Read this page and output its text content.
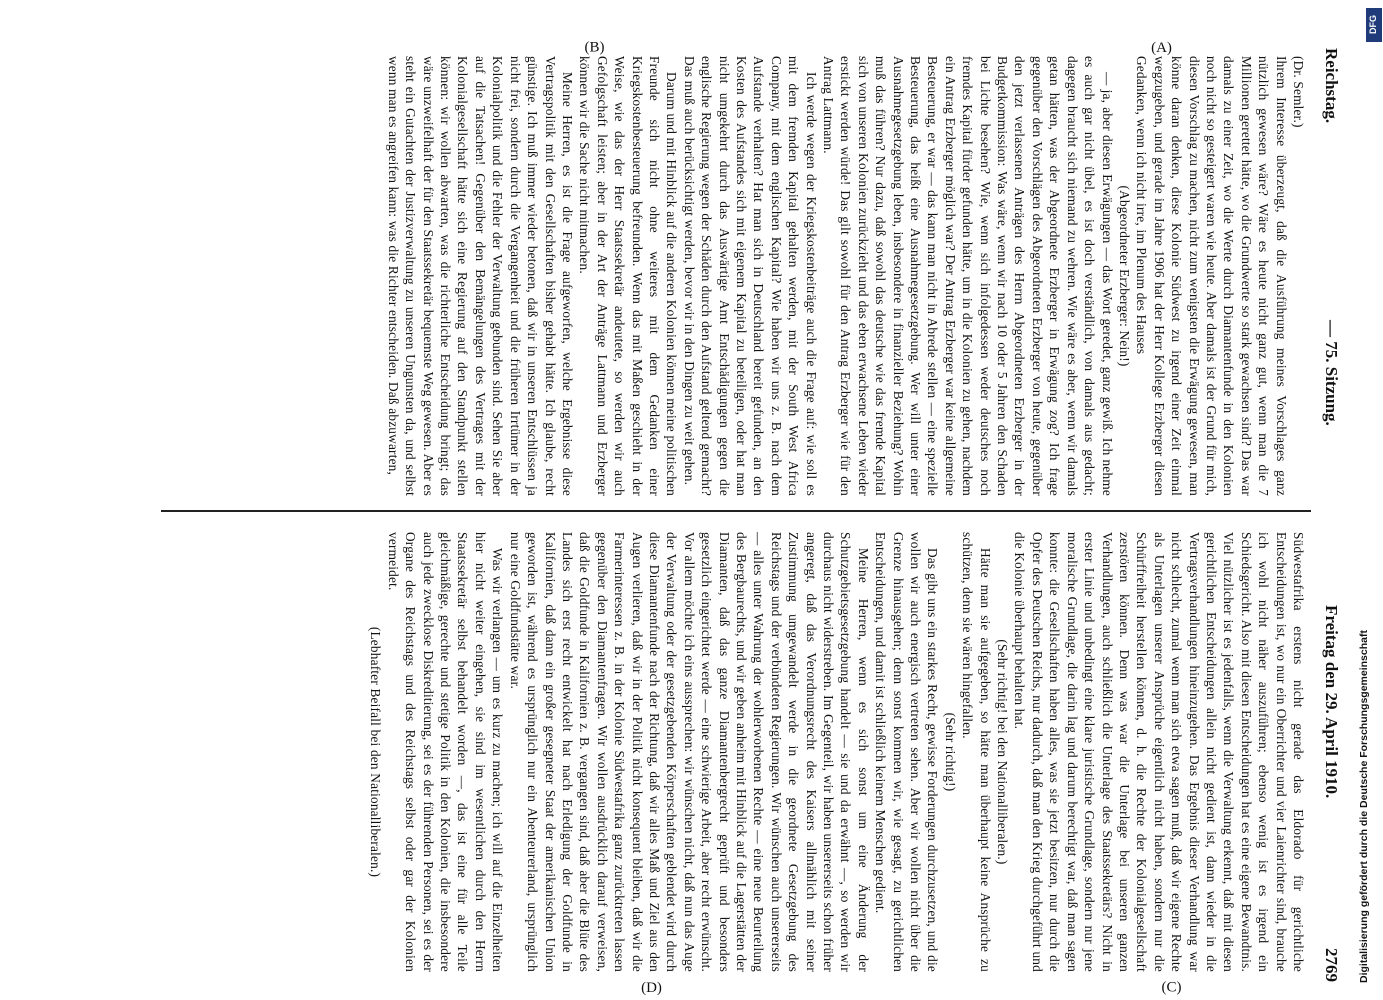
Reichstag.
— 75. Sitzung.
Freitag den 29. April 1910.
2769
(A)
(B)
(C)
(D)

(Dr. Semler.)

Ihrem Interesse überzeugt, daß die Ausführung meines Vorschlages ganz nützlich gewesen wäre? Wäre es heute nicht ganz gut, wenn man die 7 Millionen gerettet hätte, wo die Grundwerte so stark gewachsen sind? Das war damals zu einer Zeit, wo die Werte durch Diamantenfunde in den Kolonien noch nicht so gesteigert waren wie heute. Aber damals ist der Grund für mich, diesen Vorschlag zu machen, nicht zum wenigsten die Erwägung gewesen, man könne daran denken, diese Kolonie Südwest zu irgend einer Zeit einmal wegzugeben, und gerade im Jahre 1906 hat der Herr Kollege Erzberger diesen Gedanken, wenn ich nicht irre, im Plenum des Hauses

(Abgeordneter Erzberger: Nein!)

— ja, aber diesen Erwägungen — das Wort geredet, ganz gewiß. Ich nehme es auch gar nicht übel, es ist doch verständlich, von damals aus gedacht; dagegen braucht sich niemand zu wehren. Wie wäre es aber, wenn wir damals getan hätten, was der Abgeordnete Erzberger in Erwägung zog? Ich frage gegenüber den Vorschlägen des Abgeordneten Erzberger von heute, gegenüber den jetzt verlassenen Anträgen des Herrn Abgeordneten Erzberger in der Budgetkommission: Was wäre, wenn wir nach 10 oder 5 Jahren den Schaden bei Lichte besehen? Wie, wenn sich infolgedessen weder deutsches noch fremdes Kapital fürder gefunden hätte, um in die Kolonien zu gehen, nachdem ein Antrag Erzberger möglich war? Der Antrag Erzberger war keine allgemeine Besteuerung, er war — das kann man nicht in Abrede stellen — eine spezielle Besteuerung, das heißt eine Ausnahmegesetzgebung. Wer will unter einer Ausnahmegesetzgebung leben, insbesondere in finanzieller Beziehung? Wohin muß das führen? Nur dazu, daß sowohl das deutsche wie das fremde Kapital sich von unseren Kolonien zurückzieht und das eben erwachsene Leben wieder erstickt werden würde! Das gilt sowohl für den Antrag Erzberger wie für den Antrag Lattmann.

Ich werde wegen der Kriegskostenbeiträge auch die Frage auf: wie soll es mit dem fremden Kapital gehalten werden, mit der South West Africa Company, mit dem englischen Kapital? Wie haben wir uns z. B. nach dem Aufstande verhalten? Hat man sich in Deutschland bereit gefunden, an den Kosten des Aufstandes sich mit eigenem Kapital zu beteiligen, oder hat man nicht umgekehrt durch das Auswärtige Amt Entschädigungen gegen die englische Regierung wegen der Schäden durch den Aufstand geltend gemacht? Das muß auch berücksichtigt werden, bevor wir in den Dingen zu weit gehen.

Darum und mit Hinblick auf die anderen Kolonien können meine politischen Freunde sich nicht ohne weiteres mit dem Gedanken einer Kriegskostenbesteuerung befreunden. Wenn das mit Maßen geschieht in der Weise, wie das der Herr Staatssekretär andeutete, so werden wir auch Gefolgschaft leisten; aber in der Art der Anträge Lattmann und Erzberger können wir die Sache nicht mitmachen.

Meine Herren, es ist die Frage aufgeworfen, welche Ergebnisse diese Vertragspolitik mit den Gesellschaften bisher gehabt hätte. Ich glaube, recht günstige. Ich muß immer wieder betonen, daß wir in unseren Entschlüssen ja nicht frei, sondern durch die Vergangenheit und die früheren Irrtümer in der Kolonialpolitik und die Fehler der Verwaltung gebunden sind. Sehen Sie aber auf die Tatsachen! Gegenüber den Bemängelungen des Vertrages mit der Kolonialgesellschaft hätte sich eine Regierung auf den Standpunkt stellen können: wir wollen abwarten, was die richterliche Entscheidung bringt; das wäre unzweifelhaft der für den Staatssekretär bequemste Weg gewesen. Aber es steht ein Gutachten der Justizverwaltung zu unseren Ungunsten da, und selbst wenn man es angreifen kann: was die Richter entscheiden. Daß abzuwarten,

Südwestafrika erstens nicht gerade das Eldorado für gerichtliche Entscheidungen ist, wo nur ein Oberrichter und vier Laienrichter sind, brauche ich wohl nicht näher auszuführen; ebenso wenig ist es irgend ein Schiedsgericht. Also mit diesen Entscheidungen hat es eine eigene Bewandtnis. Viel nützlicher ist es jedenfalls, wenn die Verwaltung erkennt, daß mit diesen gerichtlichen Entscheidungen allein nicht gedient ist, dann wieder in die Vertragsverhandlungen hineinzugehen. Das Ergebnis dieser Verhandlung war nicht schlecht, zumal wenn man sich etwa sagen muß, daß wir eigene Rechte als Unterlagen unserer Ansprüche eigentlich nicht haben, sondern nur die Schürffreiheit herstellen können, d. h. die Rechte der Kolonialgesellschaft zerstören können. Denn was war die Unterlage bei unseren ganzen Verhandlungen, auch schließlich die Unterlage des Staatssekretärs? Nicht in erster Linie und unbedingt eine klare juristische Grundlage, sondern nur jene moralische Grundlage, die darin lag und darum berechtigt war, daß man sagen konnte: die Gesellschaften haben alles, was sie jetzt besitzen, nur durch die Opfer des Deutschen Reichs, nur dadurch, daß man den Krieg durchgeführt und die Kolonie überhaupt behalten hat.

(Sehr richtig! bei den Nationalliberalen.)

Hätte man sie aufgegeben, so hätte man überhaupt keine Ansprüche zu schützen, denn sie wären hingefallen.

(Sehr richtig!)

Das gibt uns ein starkes Recht, gewisse Forderungen durchzusetzen, und die wollen wir auch energisch vertreten sehen. Aber wir wollen nicht über die Grenze hinausgehen; denn sonst kommen wir, wie gesagt, zu gerichtlichen Entscheidungen, und damit ist schließlich keinem Menschen gedient.

Meine Herren, wenn es sich sonst um eine Änderung der Schutzgebietsgesetzgebung handelt — sie und da erwähnt —, so werden wir durchaus nicht widerstreben. Im Gegenteil, wir haben unsererseits schon früher angeregt, daß das Verordnungsrecht des Kaisers allmählich mit seiner Zustimmung umgewandelt werde in die geordnete Gesetzgebung des Reichstags und der verbündeten Regierungen. Wir wünschen auch unsererseits — alles unter Wahrung der wohlerworbenen Rechte — eine neue Beurteilung des Bergbaurechts, und wir geben anheim mit Hinblick auf die Lagerstätten der Diamanten, daß das ganze Diamantenbergrecht geprüft und besonders gesetzlich eingerichtet werde — eine schwierige Arbeit, aber recht erwünscht. Vor allem möchte ich eins aussprechen: wir wünschen nicht, daß nun das Auge der Verwaltung oder der gesetzgebenden Körperschaften geblendet wird durch diese Diamantenfunde nach der Richtung, daß wir alles Maß und Ziel aus den Augen verlieren, daß wir in der Politik nicht konsequent bleiben, daß wir die Farmerinteressen z. B. in der Kolonie Südwestafrika ganz zurücktreten lassen gegenüber den Diamantenfragen. Wir wollen ausdrücklich darauf verweisen, daß die Goldfunde in Kalifornien z. B. vergangen sind, daß aber die Blüte des Landes sich erst recht entwickelt hat nach Erledigung der Goldfunde in Kalifornien, daß dann ein großer gesegneter Staat der amerikanischen Union geworden ist, während es ursprünglich nur ein Abenteurerland, ursprünglich nur eine Goldfundstätte war.

Was wir verlangen — um es kurz zu machen; ich will auf die Einzelheiten hier nicht weiter eingehen, sie sind im wesentlichen durch den Herrn Staatssekretär selbst behandelt worden —, das ist eine für alle Teile gleichmäßige, gerechte und stetige Politik in den Kolonien, die insbesondere auch jede zwecklose Diskreditierung, sei es der führenden Personen, sei es der Organe des Reichstags und des Reichstags selbst oder gar der Kolonien vermeidet.

(Lebhafter Beifall bei den Nationalliberalen.)

DFG
Digitalisierung gefördert durch die Deutsche Forschungsgemeinschaft
